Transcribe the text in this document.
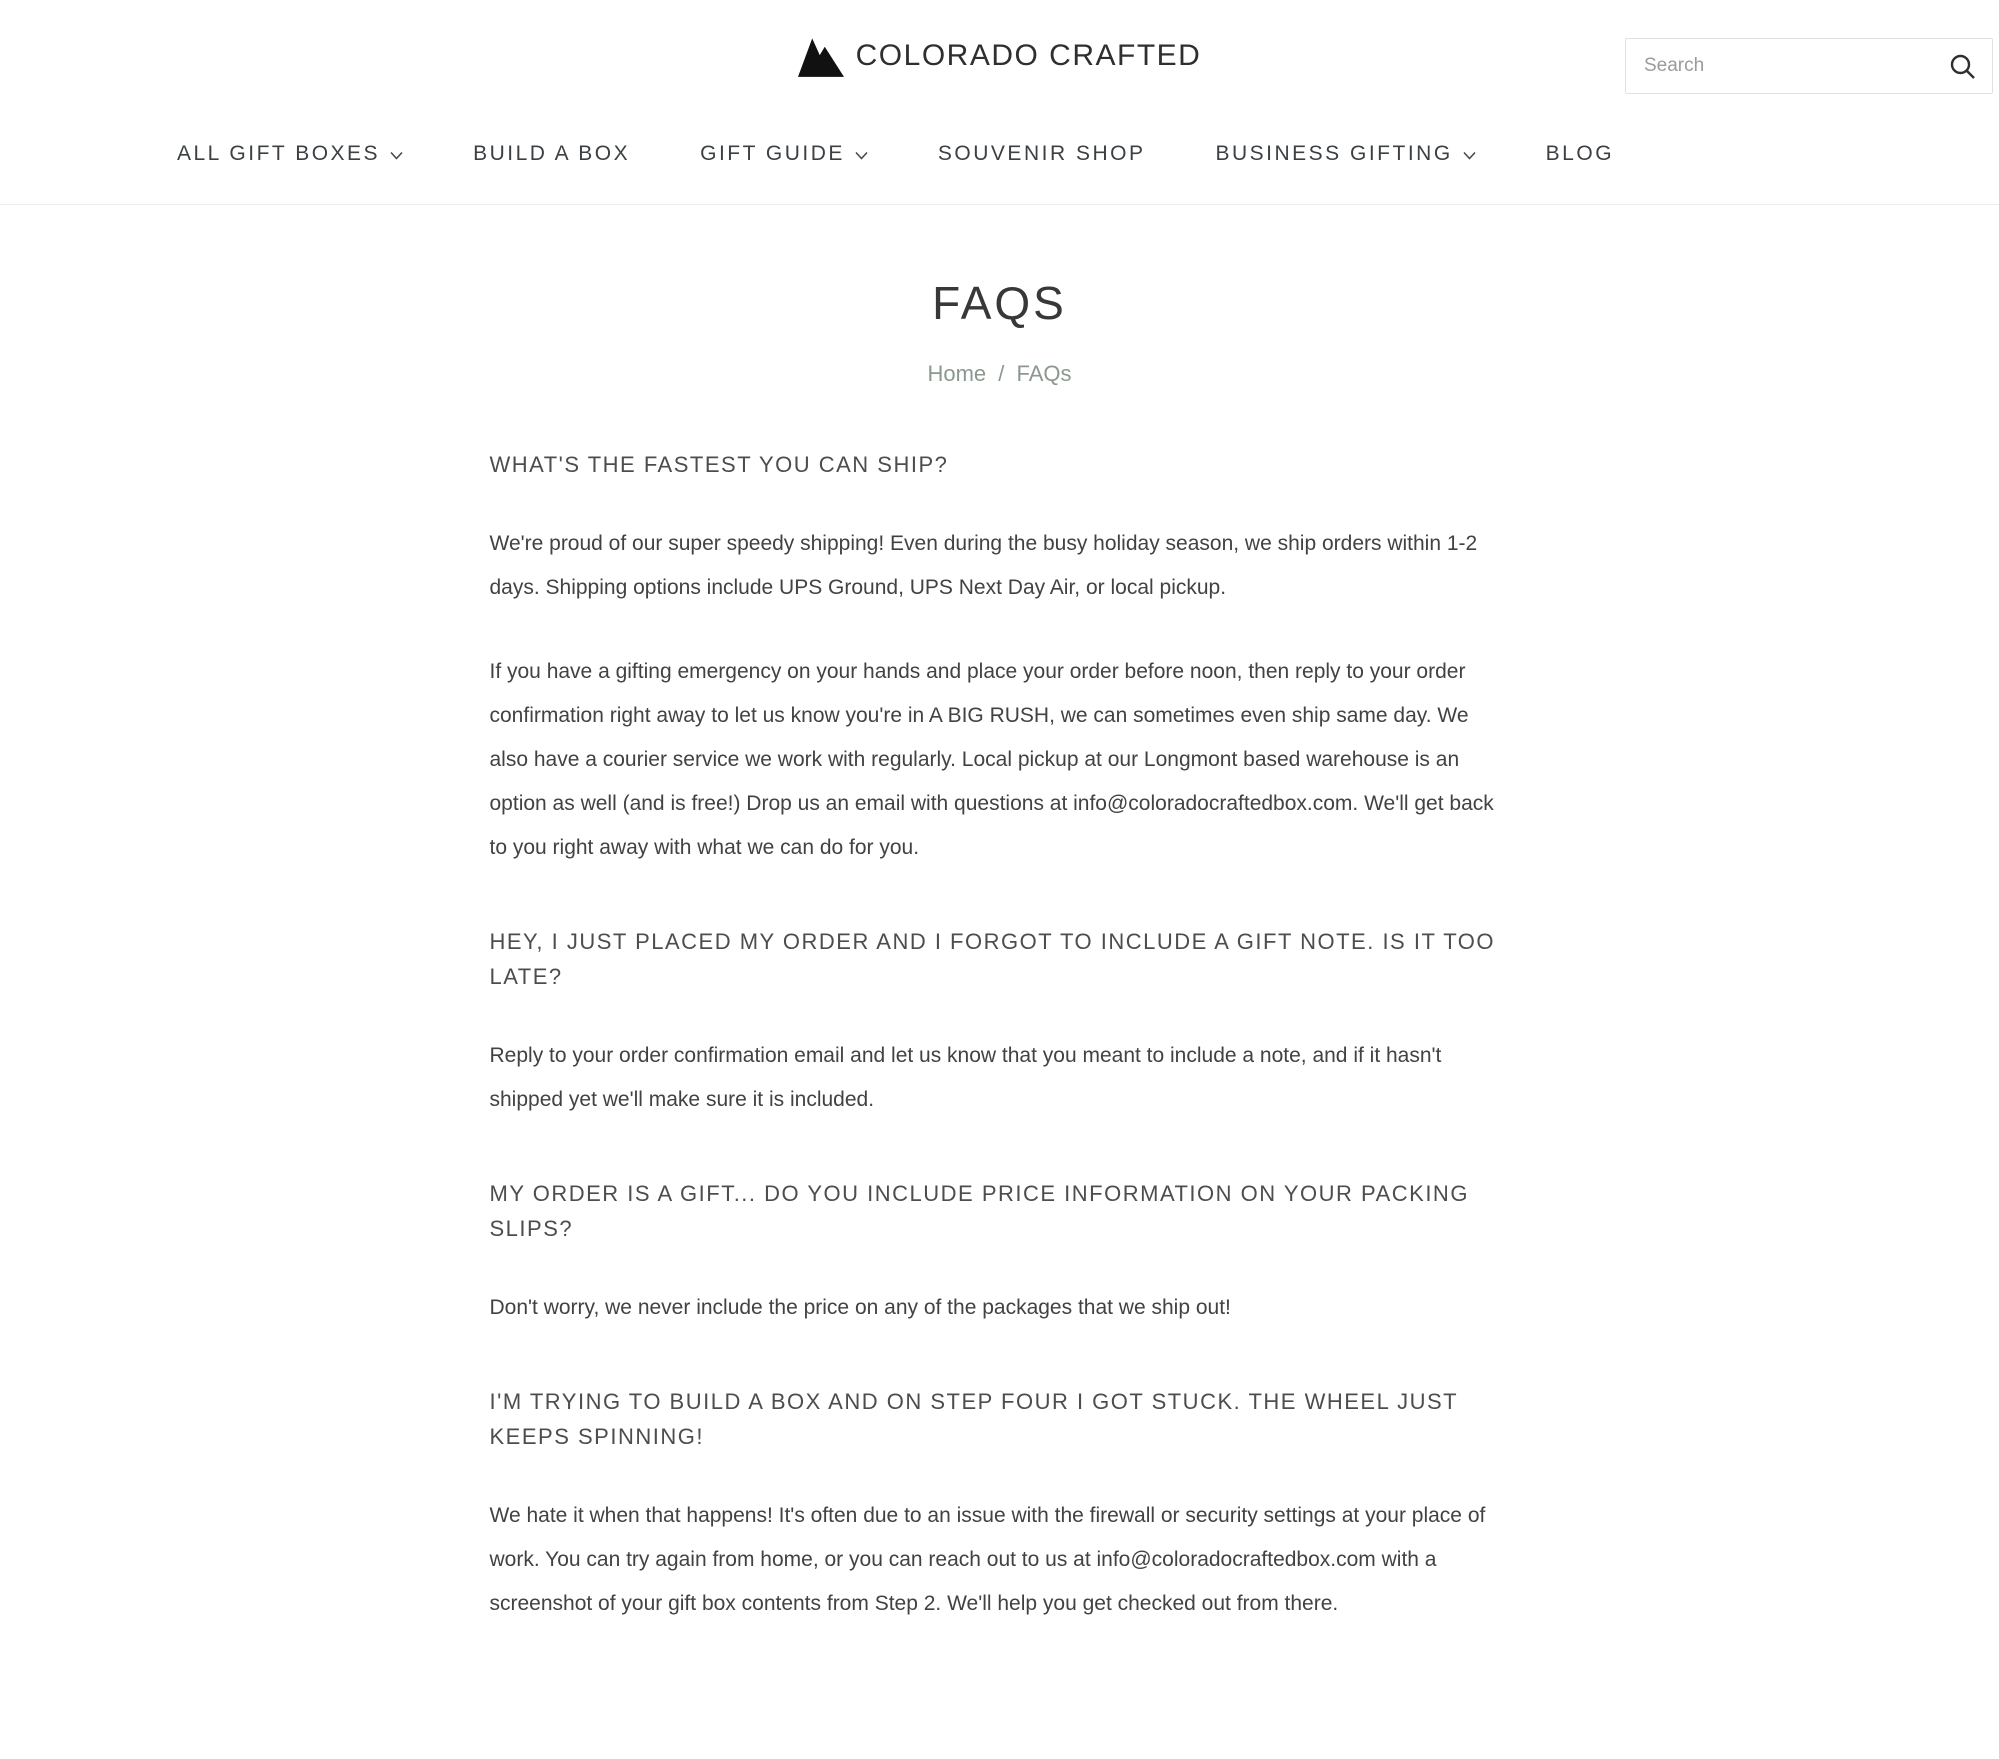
COLORADO CRAFTED
Search
ALL GIFT BOXES	BUILD A BOX	GIFT GUIDE	SOUVENIR SHOP	BUSINESS GIFTING	BLOG
FAQS
Home / FAQs
WHAT'S THE FASTEST YOU CAN SHIP?

We're proud of our super speedy shipping! Even during the busy holiday season, we ship orders within 1-2 days. Shipping options include UPS Ground, UPS Next Day Air, or local pickup.

If you have a gifting emergency on your hands and place your order before noon, then reply to your order confirmation right away to let us know you're in A BIG RUSH, we can sometimes even ship same day. We also have a courier service we work with regularly. Local pickup at our Longmont based warehouse is an option as well (and is free!) Drop us an email with questions at info@coloradocraftedbox.com. We'll get back to you right away with what we can do for you.

HEY, I JUST PLACED MY ORDER AND I FORGOT TO INCLUDE A GIFT NOTE. IS IT TOO LATE?

Reply to your order confirmation email and let us know that you meant to include a note, and if it hasn't shipped yet we'll make sure it is included.

MY ORDER IS A GIFT... DO YOU INCLUDE PRICE INFORMATION ON YOUR PACKING SLIPS?

Don't worry, we never include the price on any of the packages that we ship out!

I'M TRYING TO BUILD A BOX AND ON STEP FOUR I GOT STUCK. THE WHEEL JUST KEEPS SPINNING!

We hate it when that happens! It's often due to an issue with the firewall or security settings at your place of work. You can try again from home, or you can reach out to us at info@coloradocraftedbox.com with a screenshot of your gift box contents from Step 2. We'll help you get checked out from there.
